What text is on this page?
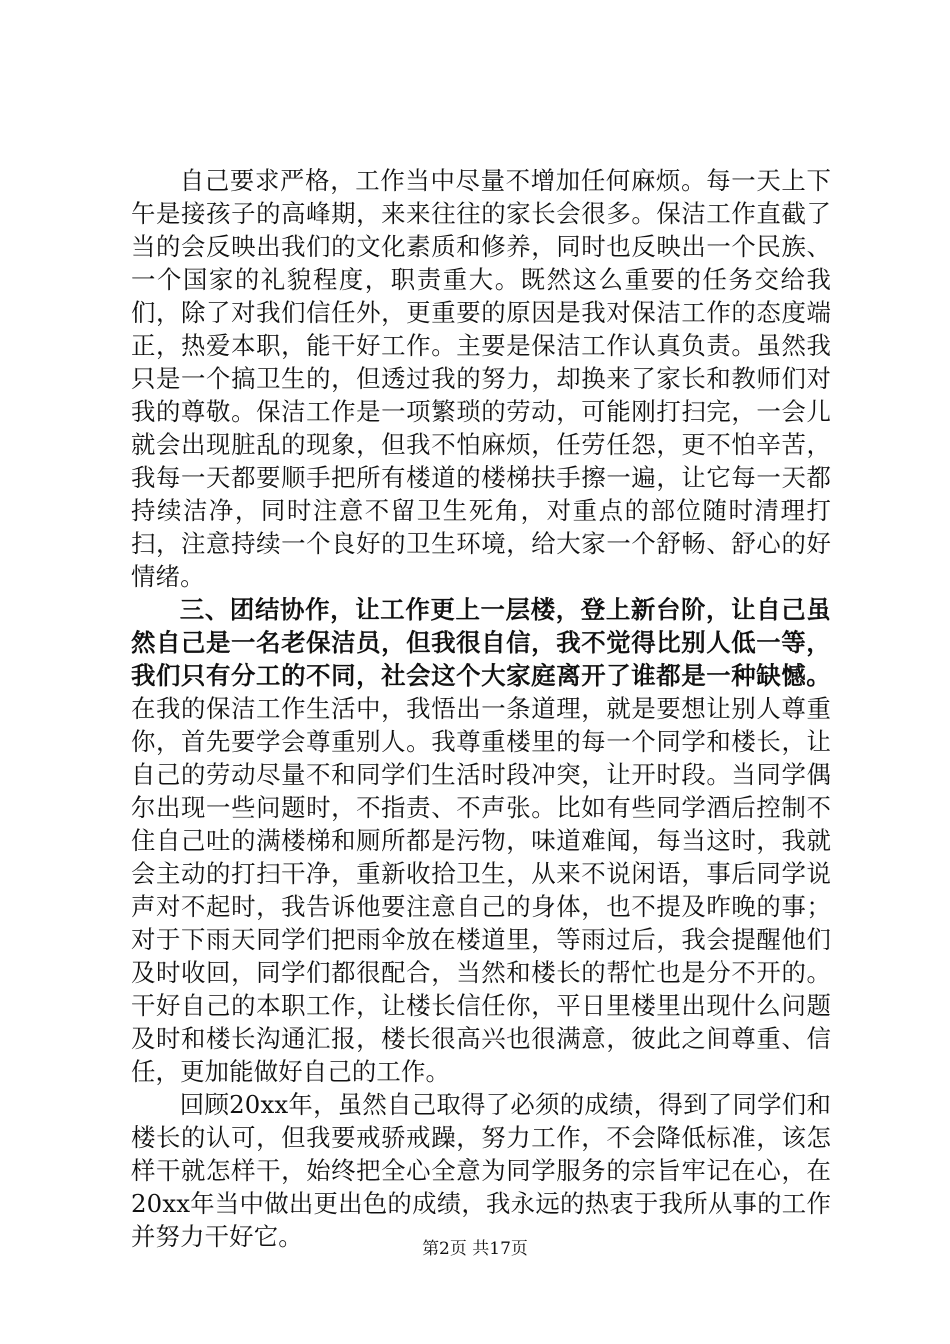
自己要求严格，工作当中尽量不增加任何麻烦。每一天上下午是接孩子的高峰期，来来往往的家长会很多。保洁工作直截了当的会反映出我们的文化素质和修养，同时也反映出一个民族、一个国家的礼貌程度，职责重大。既然这么重要的任务交给我们，除了对我们信任外，更重要的原因是我对保洁工作的态度端正，热爱本职，能干好工作。主要是保洁工作认真负责。虽然我只是一个搞卫生的，但透过我的努力，却换来了家长和教师们对我的尊敬。保洁工作是一项繁琐的劳动，可能刚打扫完，一会儿就会出现脏乱的现象，但我不怕麻烦，任劳任怨，更不怕辛苦，我每一天都要顺手把所有楼道的楼梯扶手擦一遍，让它每一天都持续洁净，同时注意不留卫生死角，对重点的部位随时清理打扫，注意持续一个良好的卫生环境，给大家一个舒畅、舒心的好情绪。

三、团结协作，让工作更上一层楼，登上新台阶，让自己虽然自己是一名老保洁员，但我很自信，我不觉得比别人低一等，我们只有分工的不同，社会这个大家庭离开了谁都是一种缺憾。在我的保洁工作生活中，我悟出一条道理，就是要想让别人尊重你，首先要学会尊重别人。我尊重楼里的每一个同学和楼长，让自己的劳动尽量不和同学们生活时段冲突，让开时段。当同学偶尔出现一些问题时，不指责、不声张。比如有些同学酒后控制不住自己吐的满楼梯和厕所都是污物，味道难闻，每当这时，我就会主动的打扫干净，重新收拾卫生，从来不说闲语，事后同学说声对不起时，我告诉他要注意自己的身体，也不提及昨晚的事；对于下雨天同学们把雨伞放在楼道里，等雨过后，我会提醒他们及时收回，同学们都很配合，当然和楼长的帮忙也是分不开的。干好自己的本职工作，让楼长信任你，平日里楼里出现什么问题及时和楼长沟通汇报，楼长很高兴也很满意，彼此之间尊重、信任，更加能做好自己的工作。

回顾20xx年，虽然自己取得了必须的成绩，得到了同学们和楼长的认可，但我要戒骄戒躁，努力工作，不会降低标准，该怎样干就怎样干，始终把全心全意为同学服务的宗旨牢记在心，在20xx年当中做出更出色的成绩，我永远的热衷于我所从事的工作并努力干好它。	第2页 共17页
